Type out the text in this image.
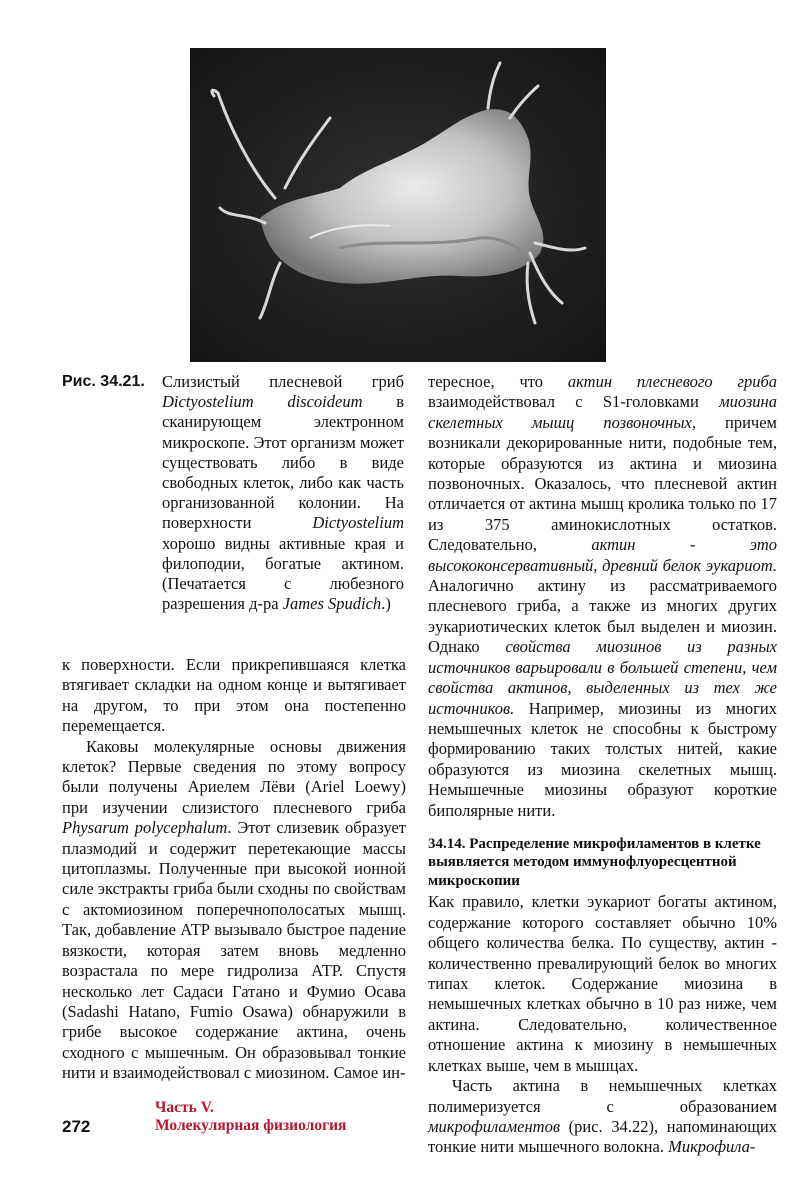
Рис. 34.21.	Слизистый плесневой гриб Dictyostelium discoideum в сканирующем электронном микроскопе. Этот организм может существовать либо в виде свободных клеток, либо как часть организованной колонии. На поверхности Dictyostelium хорошо видны активные края и филоподии, богатые актином. (Печатается с любезного разрешения д-ра James Spudich.)

к поверхности. Если прикрепившаяся клетка втягивает складки на одном конце и вытягивает на другом, то при этом она постепенно перемещается.

Каковы молекулярные основы движения клеток? Первые сведения по этому вопросу были получены Ариелем Лёви (Ariel Loewy) при изучении слизистого плесневого гриба Physarum polycephalum. Этот слизевик образует плазмодий и содержит перетекающие массы цитоплазмы. Полученные при высокой ионной силе экстракты гриба были сходны по свойствам с актомиозином поперечнополосатых мышц. Так, добавление АТР вызывало быстрое падение вязкости, которая затем вновь медленно возрастала по мере гидролиза АТР. Спустя несколько лет Садаси Гатано и Фумио Осава (Sadashi Hatano, Fumio Osawa) обнаружили в грибе высокое содержание актина, очень сходного с мышечным. Он образовывал тонкие нити и взаимодействовал с миозином. Самое ин-

тересное, что актин плесневого гриба взаимодействовал с S1-головками миозина скелетных мышц позвоночных, причем возникали декорированные нити, подобные тем, которые образуются из актина и миозина позвоночных. Оказалось, что плесневой актин отличается от актина мышц кролика только по 17 из 375 аминокислотных остатков. Следовательно, актин - это высококонсервативный, древний белок эукариот. Аналогично актину из рассматриваемого плесневого гриба, а также из многих других эукариотических клеток был выделен и миозин. Однако свойства миозинов из разных источников варьировали в большей степени, чем свойства актинов, выделенных из тех же источников. Например, миозины из многих немышечных клеток не способны к быстрому формированию таких толстых нитей, какие образуются из миозина скелетных мышц. Немышечные миозины образуют короткие биполярные нити.

34.14. Распределение микрофиламентов в клетке выявляется методом иммунофлуоресцентной микроскопии

Как правило, клетки эукариот богаты актином, содержание которого составляет обычно 10% общего количества белка. По существу, актин - количественно превалирующий белок во многих типах клеток. Содержание миозина в немышечных клетках обычно в 10 раз ниже, чем актина. Следовательно, количественное отношение актина к миозину в немышечных клетках выше, чем в мышцах.

Часть актина в немышечных клетках полимеризуется с образованием микрофиламентов (рис. 34.22), напоминающих тонкие нити мышечного волокна. Микрофила-

272
Часть V.
Молекулярная физиология
